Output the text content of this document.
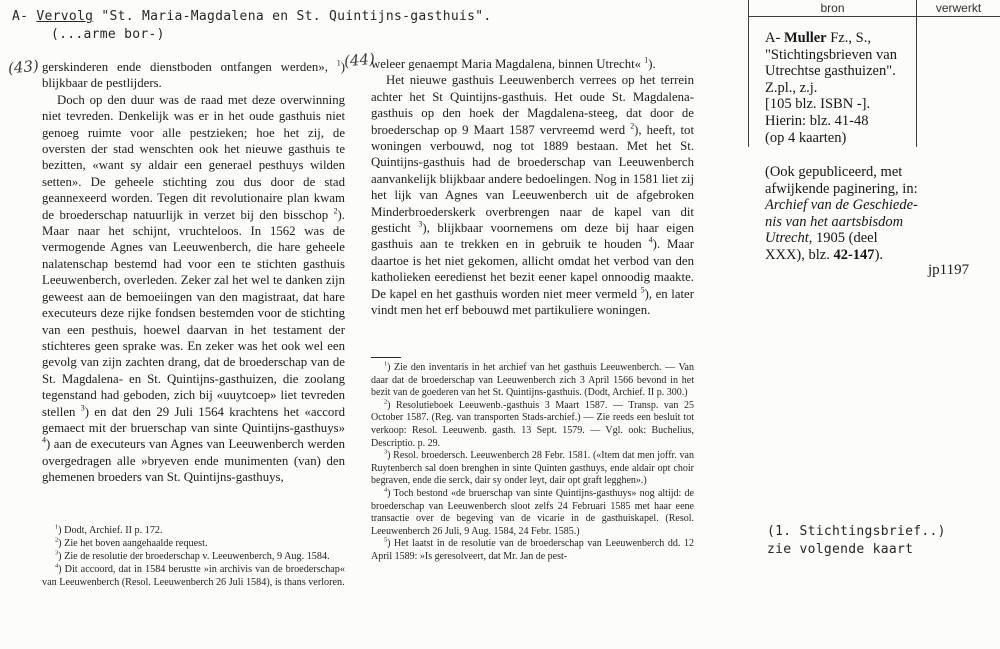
A- Vervolg "St. Maria-Magdalena en St. Quintijns-gasthuis".
(...arme bor-)
(43)	(44)

gerskinderen ende dienstboden ontfangen werden», $^1$) blijkbaar de pestlijders.

Doch op den duur was de raad met deze overwinning niet tevreden. Denkelijk was er in het oude gasthuis niet genoeg ruimte voor alle pestzieken; hoe het zij, de oversten der stad wenschten ook het nieuwe gasthuis te bezitten, «want sy aldair een generael pesthuys wilden setten». De geheele stichting zou dus door de stad geannexeerd worden. Tegen dit revolutionaire plan kwam de broederschap natuurlijk in verzet bij den bisschop $^2$). Maar naar het schijnt, vruchteloos. In 1562 was de vermogende Agnes van Leeuwenberch, die hare geheele nalatenschap bestemd had voor een te stichten gasthuis Leeuwenberch, overleden. Zeker zal het wel te danken zijn geweest aan de bemoeiingen van den magistraat, dat hare executeurs deze rijke fondsen bestemden voor de stichting van een pesthuis, hoewel daarvan in het testament der stichteres geen sprake was. En zeker was het ook wel een gevolg van zijn zachten drang, dat de broederschap van de St. Magdalena- en St. Quintijns-gasthuizen, die zoolang tegenstand had geboden, zich bij «uuytcoep» liet tevreden stellen $^3$) en dat den 29 Juli 1564 krachtens het «accord gemaect mit der bruerschap van sinte Quintijns-gasthuys» $^4$) aan de executeurs van Agnes van Leeuwenberch werden overgedragen alle »bryeven ende munimenten (van) den ghemenen broeders van St. Quintijns-gasthuys,

$^1$) Dodt, Archief. II p. 172.

$^2$) Zie het boven aangehaalde request.

$^3$) Zie de resolutie der broederschap v. Leeuwenberch, 9 Aug. 1584.

$^4$) Dit accoord, dat in 1584 berustte »in archivis van de broederschap« van Leeuwenberch (Resol. Leeuwenberch 26 Juli 1584), is thans verloren.

weleer genaempt Maria Magdalena, binnen Utrecht« $^1$).

Het nieuwe gasthuis Leeuwenberch verrees op het terrein achter het St Quintijns-gasthuis. Het oude St. Magdalena-gasthuis op den hoek der Magdalena-steeg, dat door de broederschap op 9 Maart 1587 vervreemd werd $^2$), heeft, tot woningen verbouwd, nog tot 1889 bestaan. Met het St. Quintijns-gasthuis had de broederschap van Leeuwenberch aanvankelijk blijkbaar andere bedoelingen. Nog in 1581 liet zij het lijk van Agnes van Leeuwenberch uit de afgebroken Minderbroederskerk overbrengen naar de kapel van dit gesticht $^3$), blijkbaar voornemens om deze bij haar eigen gasthuis aan te trekken en in gebruik te houden $^4$). Maar daartoe is het niet gekomen, allicht omdat het verbod van den katholieken eeredienst het bezit eener kapel onnoodig maakte. De kapel en het gasthuis worden niet meer vermeld $^5$), en later vindt men het erf bebouwd met partikuliere woningen.

$^1$) Zie den inventaris in het archief van het gasthuis Leeuwenberch. — Van daar dat de broederschap van Leeuwenberch zich 3 April 1566 bevond in het bezit van de goederen van het St. Quintijns-gasthuis. (Dodt, Archief. II p. 300.)

$^2$) Resolutieboek Leeuwenb.-gasthuis 3 Maart 1587. — Transp. van 25 October 1587. (Reg. van transporten Stads-archief.) — Zie reeds een besluit tot verkoop: Resol. Leeuwenb. gasth. 13 Sept. 1579. — Vgl. ook: Buchelius, Descriptio. p. 29.

$^3$) Resol. broedersch. Leeuwenberch 28 Febr. 1581. («Item dat men joffr. van Ruytenberch sal doen brenghen in sinte Quinten gasthuys, ende aldair opt choir begraven, ende die serck, dair sy onder leyt, dair opt graft legghen».)

$^4$) Toch bestond «de bruerschap van sinte Quintijns-gasthuys» nog altijd: de broederschap van Leeuwenberch sloot zelfs 24 Februari 1585 met haar eene transactie over de begeving van de vicarie in de gasthuiskapel. (Resol. Leeuwenberch 26 Juli, 9 Aug. 1584, 24 Febr. 1585.)

$^5$) Het laatst in de resolutie van de broederschap van Leeuwenberch dd. 12 April 1589: »Is geresolveert, dat Mr. Jan de pest-

bron	verwerkt
A- Muller Fz., S.,
"Stichtingsbrieven van
Utrechtse gasthuizen".
Z.pl., z.j.
[105 blz. ISBN -].
Hierin: blz. 41-48
(op 4 kaarten)
(Ook gepubliceerd, met
afwijkende paginering, in:
Archief van de Geschiede-
nis van het aartsbisdom
Utrecht, 1905 (deel
XXX), blz. 42-147).
jp1197
(1. Stichtingsbrief..)
zie volgende kaart
